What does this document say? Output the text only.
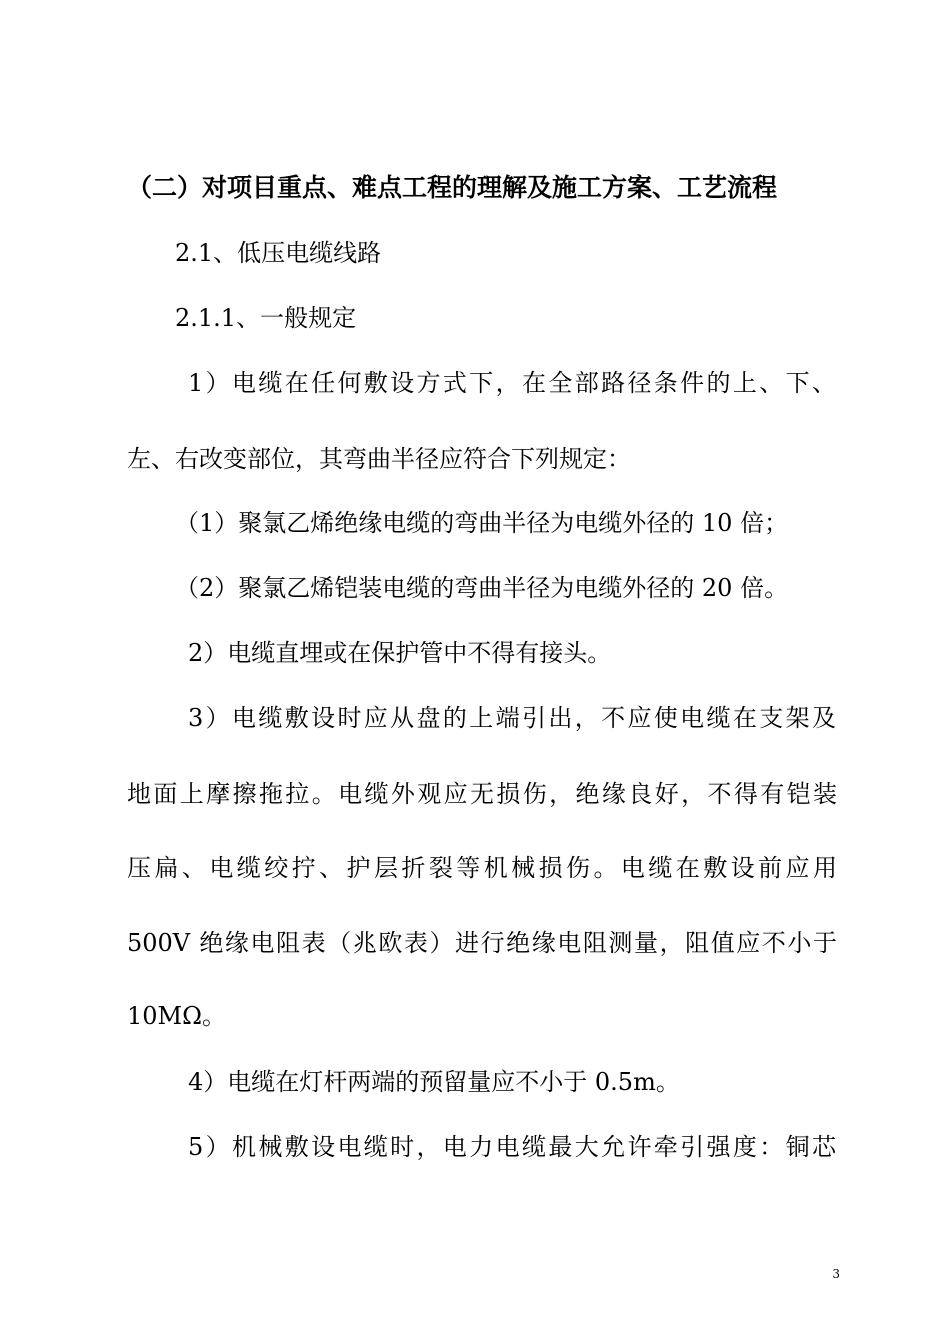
（二）对项目重点、难点工程的理解及施工方案、工艺流程
2.1、低压电缆线路
2.1.1、一般规定
1）电缆在任何敷设方式下，在全部路径条件的上、下、
左、右改变部位，其弯曲半径应符合下列规定：
（1）聚氯乙烯绝缘电缆的弯曲半径为电缆外径的 10 倍；
（2）聚氯乙烯铠装电缆的弯曲半径为电缆外径的 20 倍。
2）电缆直埋或在保护管中不得有接头。
3）电缆敷设时应从盘的上端引出，不应使电缆在支架及
地面上摩擦拖拉。电缆外观应无损伤，绝缘良好，不得有铠装
压扁、电缆绞拧、护层折裂等机械损伤。电缆在敷设前应用
500V 绝缘电阻表（兆欧表）进行绝缘电阻测量，阻值应不小于
10MΩ。
4）电缆在灯杆两端的预留量应不小于 0.5m。
5）机械敷设电缆时，电力电缆最大允许牵引强度：铜芯
3
